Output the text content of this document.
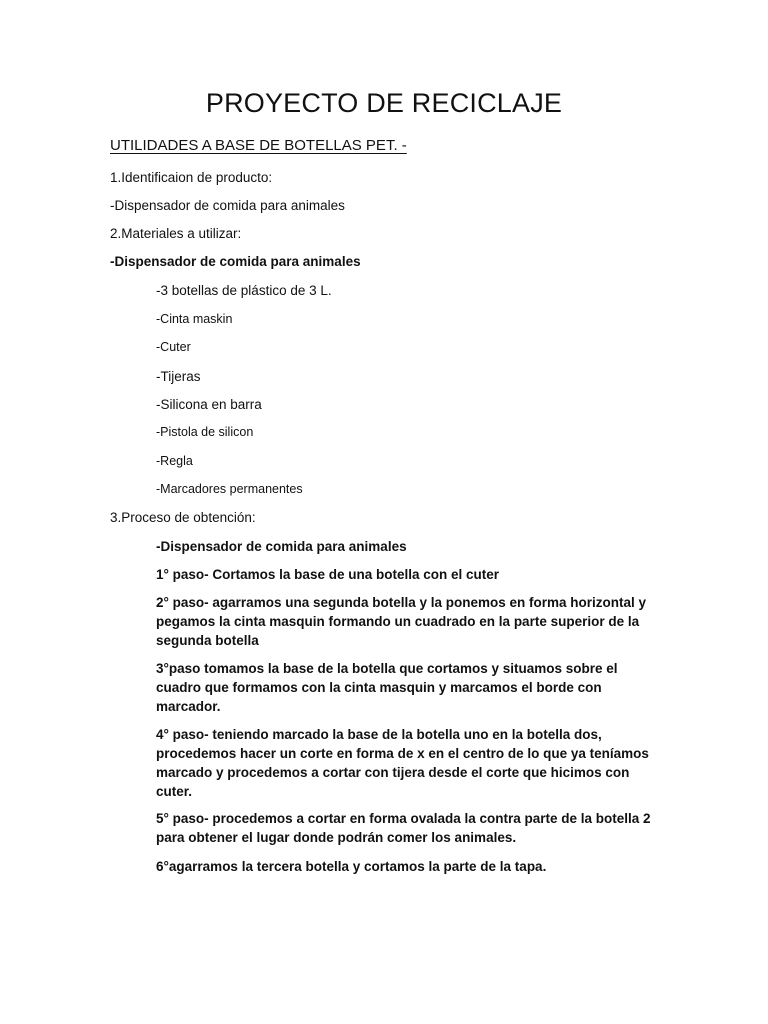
PROYECTO DE RECICLAJE
UTILIDADES A BASE DE BOTELLAS PET. -
1.Identificaion de producto:
-Dispensador de comida para animales
2.Materiales a utilizar:
-Dispensador de comida para animales
-3 botellas de plástico de 3 L.
-Cinta maskin
-Cuter
-Tijeras
-Silicona en barra
-Pistola de silicon
-Regla
-Marcadores permanentes
3.Proceso de obtención:
-Dispensador de comida para animales
1° paso- Cortamos la base de una botella con el cuter
2° paso- agarramos una segunda botella y la ponemos en forma horizontal y pegamos la cinta masquin formando un cuadrado en la parte superior de la segunda botella
3°paso tomamos la base de la botella que cortamos y situamos sobre el cuadro que formamos con la cinta masquin y marcamos el borde con marcador.
4° paso- teniendo marcado la base de la botella uno en la botella dos, procedemos hacer un corte en forma de x en el centro de lo que ya teníamos marcado y procedemos a cortar con tijera desde el corte que hicimos con cuter.
5° paso- procedemos a cortar en forma ovalada la contra parte de la botella 2 para obtener el lugar donde podrán comer los animales.
6°agarramos la tercera botella y cortamos la parte de la tapa.
